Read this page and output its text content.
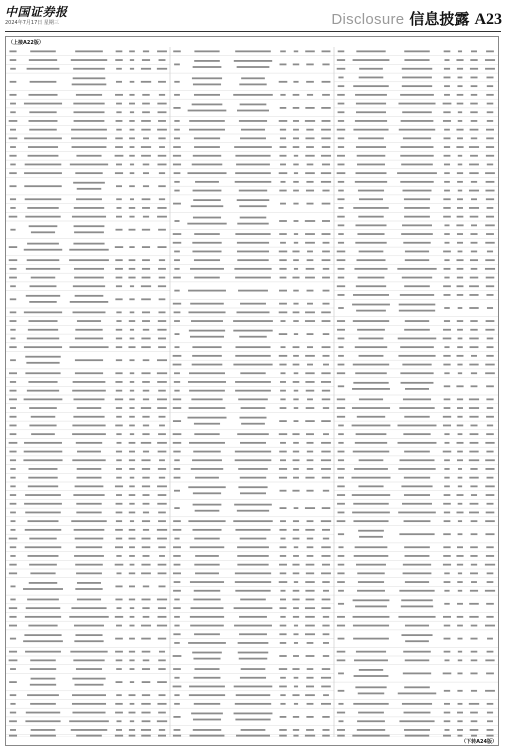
中国证券报
2024年7月17日 星期三	Disclosure 信息披露 A23
（上接A22版）
（下转A24版）
